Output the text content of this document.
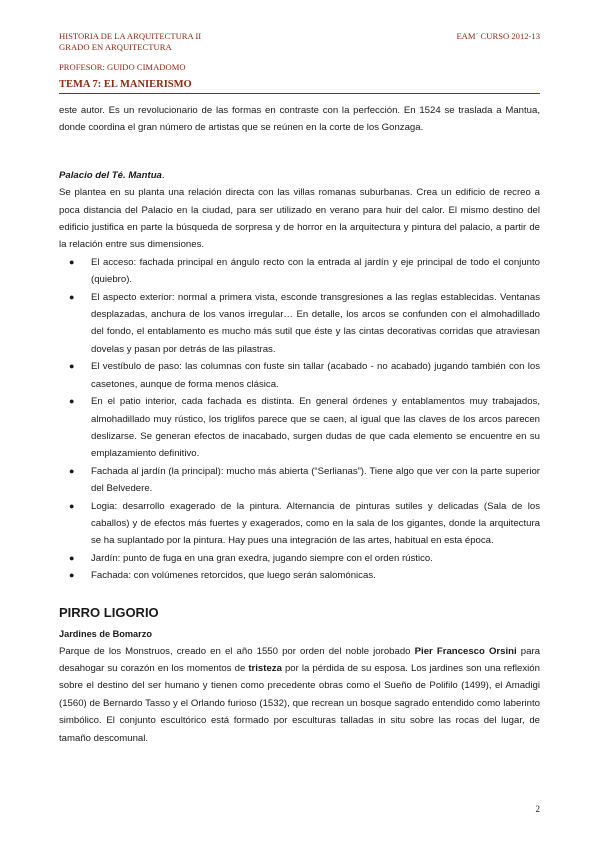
HISTORIA DE LA ARQUITECTURA II
GRADO EN ARQUITECTURA
EAM´ CURSO 2012-13
PROFESOR: GUIDO CIMADOMO
TEMA 7: EL MANIERISMO

este autor. Es un revolucionario de las formas en contraste con la perfección. En 1524 se traslada a Mantua, donde coordina el gran número de artistas que se reúnen en la corte de los Gonzaga.

Palacio del Té. Mantua.

Se plantea en su planta una relación directa con las villas romanas suburbanas. Crea un edificio de recreo a poca distancia del Palacio en la ciudad, para ser utilizado en verano para huir del calor. El mismo destino del edificio justifica en parte la búsqueda de sorpresa y de horror en la arquitectura y pintura del palacio, a partir de la relación entre sus dimensiones.

● El acceso: fachada principal en ángulo recto con la entrada al jardín y eje principal de todo el conjunto (quiebro).
● El aspecto exterior: normal a primera vista, esconde transgresiones a las reglas establecidas. Ventanas desplazadas, anchura de los vanos irregular… En detalle, los arcos se confunden con el almohadillado del fondo, el entablamento es mucho más sutil que éste y las cintas decorativas corridas que atraviesan dovelas y pasan por detrás de las pilastras.
● El vestíbulo de paso: las columnas con fuste sin tallar (acabado - no acabado) jugando también con los casetones, aunque de forma menos clásica.
● En el patio interior, cada fachada es distinta. En general órdenes y entablamentos muy trabajados, almohadillado muy rústico, los triglifos parece que se caen, al igual que las claves de los arcos parecen deslizarse. Se generan efectos de inacabado, surgen dudas de que cada elemento se encuentre en su emplazamiento definitivo.
● Fachada al jardín (la principal): mucho más abierta (“Serlianas”). Tiene algo que ver con la parte superior del Belvedere.
● Logia: desarrollo exagerado de la pintura. Alternancia de pinturas sutiles y delicadas (Sala de los caballos) y de efectos más fuertes y exagerados, como en la sala de los gigantes, donde la arquitectura se ha suplantado por la pintura. Hay pues una integración de las artes, habitual en esta época.
● Jardín: punto de fuga en una gran exedra, jugando siempre con el orden rústico.
● Fachada: con volúmenes retorcidos, que luego serán salomónicas.
PIRRO LIGORIO
Jardines de Bomarzo

Parque de los Monstruos, creado en el año 1550 por orden del noble jorobado Pier Francesco Orsini para desahogar su corazón en los momentos de tristeza por la pérdida de su esposa. Los jardines son una reflexión sobre el destino del ser humano y tienen como precedente obras como el Sueño de Polifilo (1499), el Amadigi (1560) de Bernardo Tasso y el Orlando furioso (1532), que recrean un bosque sagrado entendido como laberinto simbólico. El conjunto escultórico está formado por esculturas talladas in situ sobre las rocas del lugar, de tamaño descomunal.

2
